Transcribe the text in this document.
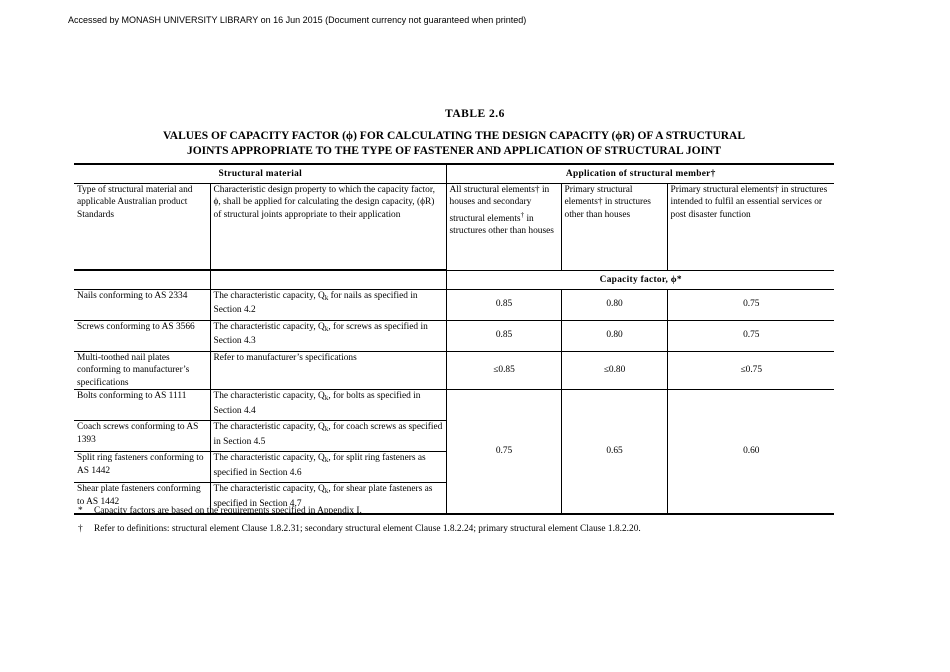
Accessed by MONASH UNIVERSITY LIBRARY on 16 Jun 2015 (Document currency not guaranteed when printed)
TABLE 2.6
VALUES OF CAPACITY FACTOR (ϕ) FOR CALCULATING THE DESIGN CAPACITY (ϕR) OF A STRUCTURAL
JOINTS APPROPRIATE TO THE TYPE OF FASTENER AND APPLICATION OF STRUCTURAL JOINT
Structural material		Application of structural member†		
Type of structural material and applicable Australian product Standards	Characteristic design property to which the capacity factor, ϕ, shall be applied for calculating the design capacity, (ϕR) of structural joints appropriate to their application	All structural elements† in houses and secondary structural elements† in structures other than houses	Primary structural elements† in structures other than houses	Primary structural elements† in structures intended to fulfil an essential services or post disaster function

		Capacity factor, ϕ*		
Nails conforming to AS 2334	The characteristic capacity, $Q_k$ for nails as specified in Section 4.2	0.85	0.80	0.75
Screws conforming to AS 3566	The characteristic capacity, $Q_k$, for screws as specified in Section 4.3	0.85	0.80	0.75
Multi-toothed nail plates conforming to manufacturer’s specifications	Refer to manufacturer’s specifications	≤0.85	≤0.80	≤0.75
Bolts conforming to AS 1111	The characteristic capacity, $Q_k$, for bolts as specified in Section 4.4	0.75	0.65	0.60
Coach screws conforming to AS 1393	The characteristic capacity, $Q_k$, for coach screws as specified in Section 4.5			
Split ring fasteners conforming to AS 1442	The characteristic capacity, $Q_k$, for split ring fasteners as specified in Section 4.6			
Shear plate fasteners conforming to AS 1442	The characteristic capacity, $Q_k$, for shear plate fasteners as specified in Section 4.7			
*	Capacity factors are based on the requirements specified in Appendix I.
†	Refer to definitions: structural element Clause 1.8.2.31; secondary structural element Clause 1.8.2.24; primary structural element Clause 1.8.2.20.
